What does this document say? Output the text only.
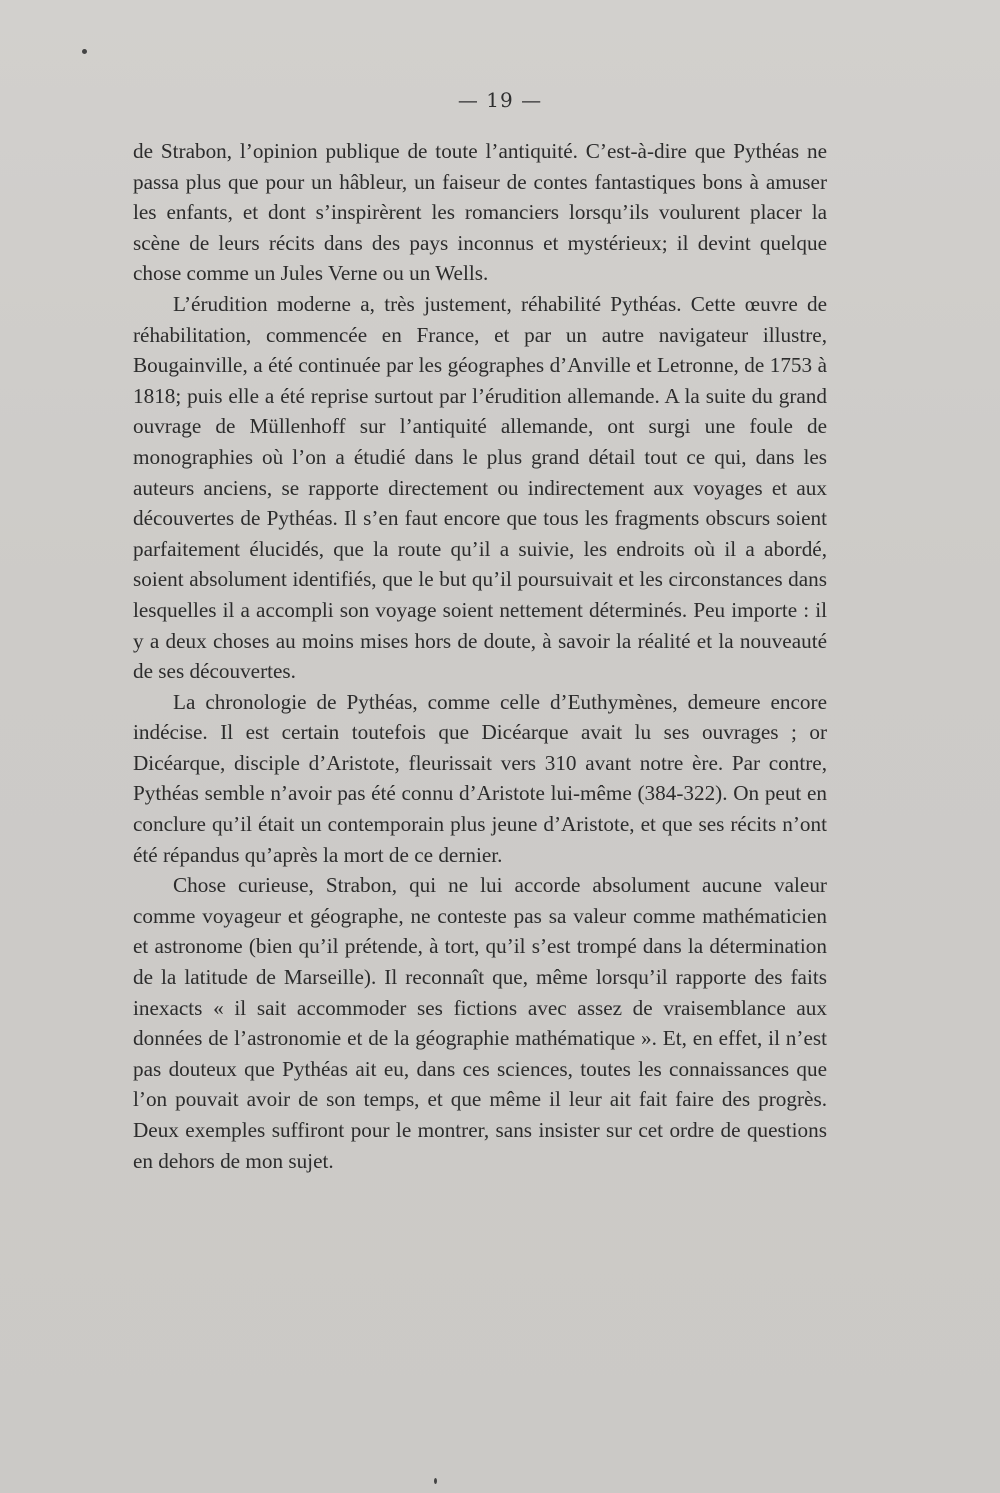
— 19 —

de Strabon, l’opinion publique de toute l’antiquité. C’est-à-dire que Pythéas ne passa plus que pour un hâbleur, un faiseur de contes fantastiques bons à amuser les enfants, et dont s’inspirèrent les romanciers lorsqu’ils voulurent placer la scène de leurs récits dans des pays inconnus et mystérieux; il devint quelque chose comme un Jules Verne ou un Wells.

L’érudition moderne a, très justement, réhabilité Pythéas. Cette œuvre de réhabilitation, commencée en France, et par un autre navigateur illustre, Bougainville, a été continuée par les géographes d’Anville et Letronne, de 1753 à 1818; puis elle a été reprise surtout par l’érudition allemande. A la suite du grand ouvrage de Müllenhoff sur l’antiquité allemande, ont surgi une foule de monographies où l’on a étudié dans le plus grand détail tout ce qui, dans les auteurs anciens, se rapporte directement ou indirectement aux voyages et aux découvertes de Pythéas. Il s’en faut encore que tous les fragments obscurs soient parfaitement élucidés, que la route qu’il a suivie, les endroits où il a abordé, soient absolument identifiés, que le but qu’il poursuivait et les circonstances dans lesquelles il a accompli son voyage soient nettement déterminés. Peu importe : il y a deux choses au moins mises hors de doute, à savoir la réalité et la nouveauté de ses découvertes.

La chronologie de Pythéas, comme celle d’Euthymènes, demeure encore indécise. Il est certain toutefois que Dicéarque avait lu ses ouvrages ; or Dicéarque, disciple d’Aristote, fleurissait vers 310 avant notre ère. Par contre, Pythéas semble n’avoir pas été connu d’Aristote lui-même (384-322). On peut en conclure qu’il était un contemporain plus jeune d’Aristote, et que ses récits n’ont été répandus qu’après la mort de ce dernier.

Chose curieuse, Strabon, qui ne lui accorde absolument aucune valeur comme voyageur et géographe, ne conteste pas sa valeur comme mathématicien et astronome (bien qu’il prétende, à tort, qu’il s’est trompé dans la détermination de la latitude de Marseille). Il reconnaît que, même lorsqu’il rapporte des faits inexacts « il sait accommoder ses fictions avec assez de vraisemblance aux données de l’astronomie et de la géographie mathématique ». Et, en effet, il n’est pas douteux que Pythéas ait eu, dans ces sciences, toutes les connaissances que l’on pouvait avoir de son temps, et que même il leur ait fait faire des progrès. Deux exemples suffiront pour le montrer, sans insister sur cet ordre de questions en dehors de mon sujet.
